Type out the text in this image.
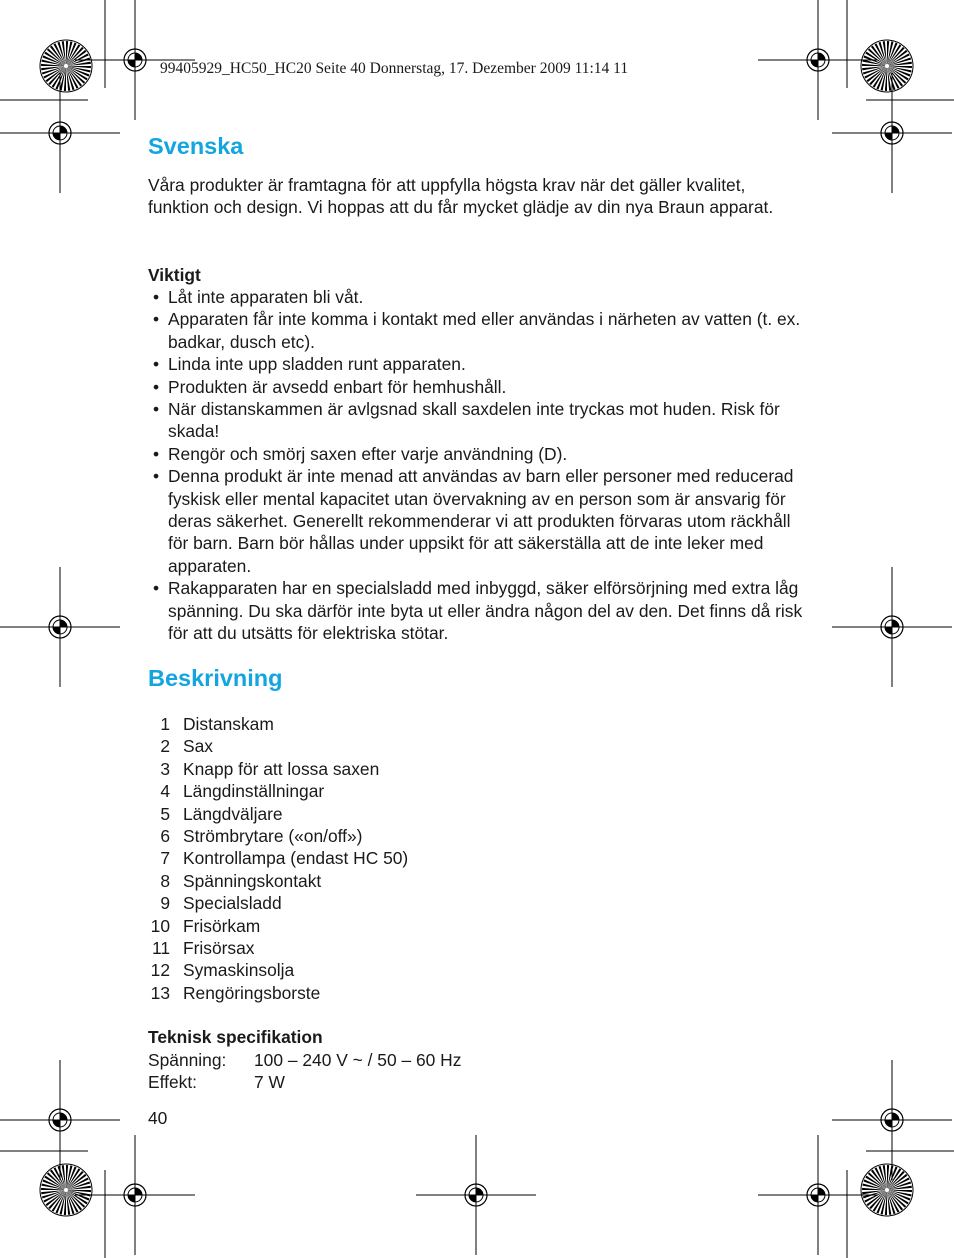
99405929_HC50_HC20 Seite 40 Donnerstag, 17. Dezember 2009 11:14 11
Svenska

Våra produkter är framtagna för att uppfylla högsta krav när det gäller kvalitet, funktion och design. Vi hoppas att du får mycket glädje av din nya Braun apparat.

Viktigt
• Låt inte apparaten bli våt.
• Apparaten får inte komma i kontakt med eller användas i närheten av vatten (t. ex. badkar, dusch etc).
• Linda inte upp sladden runt apparaten.
• Produkten är avsedd enbart för hemhushåll.
• När distanskammen är avlgsnad skall saxdelen inte tryckas mot huden. Risk för skada!
• Rengör och smörj saxen efter varje användning (D).
• Denna produkt är inte menad att användas av barn eller personer med reducerad fyskisk eller mental kapacitet utan övervakning av en person som är ansvarig för deras säkerhet. Generellt rekommenderar vi att produkten förvaras utom räckhåll för barn. Barn bör hållas under uppsikt för att säkerställa att de inte leker med apparaten.
• Rakapparaten har en specialsladd med inbyggd, säker elförsörjning med extra låg spänning. Du ska därför inte byta ut eller ändra någon del av den. Det finns då risk för att du utsätts för elektriska stötar.
Beskrivning
1 Distanskam
2 Sax
3 Knapp för att lossa saxen
4 Längdinställningar
5 Längdväljare
6 Strömbrytare («on/off»)
7 Kontrollampa (endast HC 50)
8 Spänningskontakt
9 Specialsladd
10 Frisörkam
11 Frisörsax
12 Symaskinsolja
13 Rengöringsborste
Teknisk specifikation
Spänning:	100 – 240 V ~ / 50 – 60 Hz
Effekt:	7 W
40
